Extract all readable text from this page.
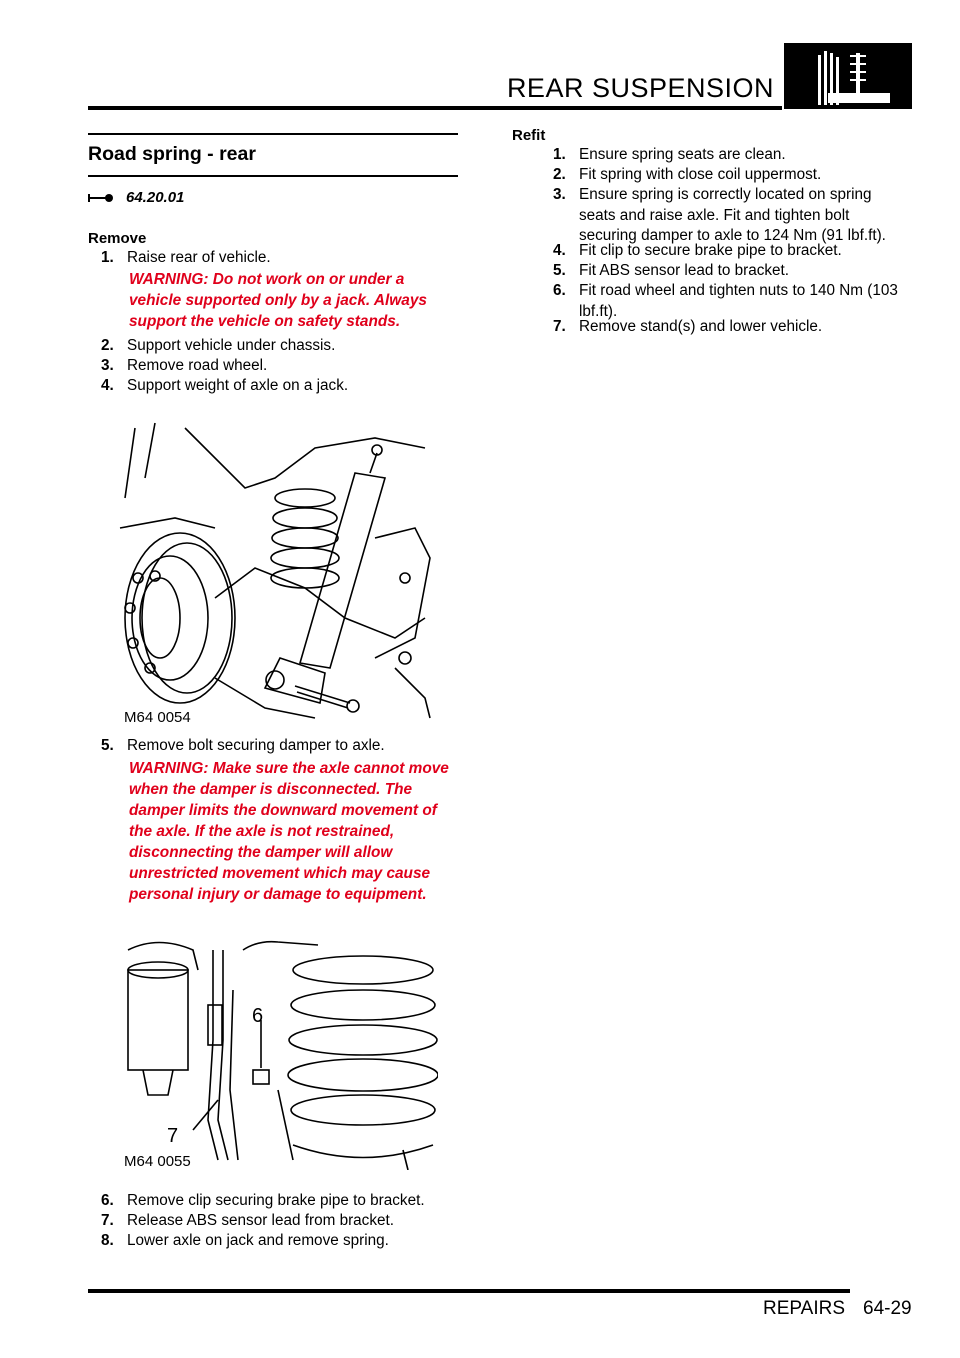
REAR SUSPENSION
Road spring - rear
64.20.01
Remove
1. Raise rear of vehicle.
WARNING: Do not work on or under a
vehicle supported only by a jack. Always
support the vehicle on safety stands.
2. Support vehicle under chassis.
3. Remove road wheel.
4. Support weight of axle on a jack.
M64 0054
5. Remove bolt securing damper to axle.
WARNING: Make sure the axle cannot move
when the damper is disconnected. The
damper limits the downward movement of
the axle. If the axle is not restrained,
disconnecting the damper will allow
unrestricted movement which may cause
personal injury or damage to equipment.
6
7
M64 0055
6. Remove clip securing brake pipe to bracket.
7. Release ABS sensor lead from bracket.
8. Lower axle on jack and remove spring.
Refit
1. Ensure spring seats are clean.
2. Fit spring with close coil uppermost.
3. Ensure spring is correctly located on spring
seats and raise axle. Fit and tighten bolt
securing damper to axle to 124 Nm (91 lbf.ft).
4. Fit clip to secure brake pipe to bracket.
5. Fit ABS sensor lead to bracket.
6. Fit road wheel and tighten nuts to 140 Nm (103
lbf.ft).
7. Remove stand(s) and lower vehicle.
REPAIRS 64-29
